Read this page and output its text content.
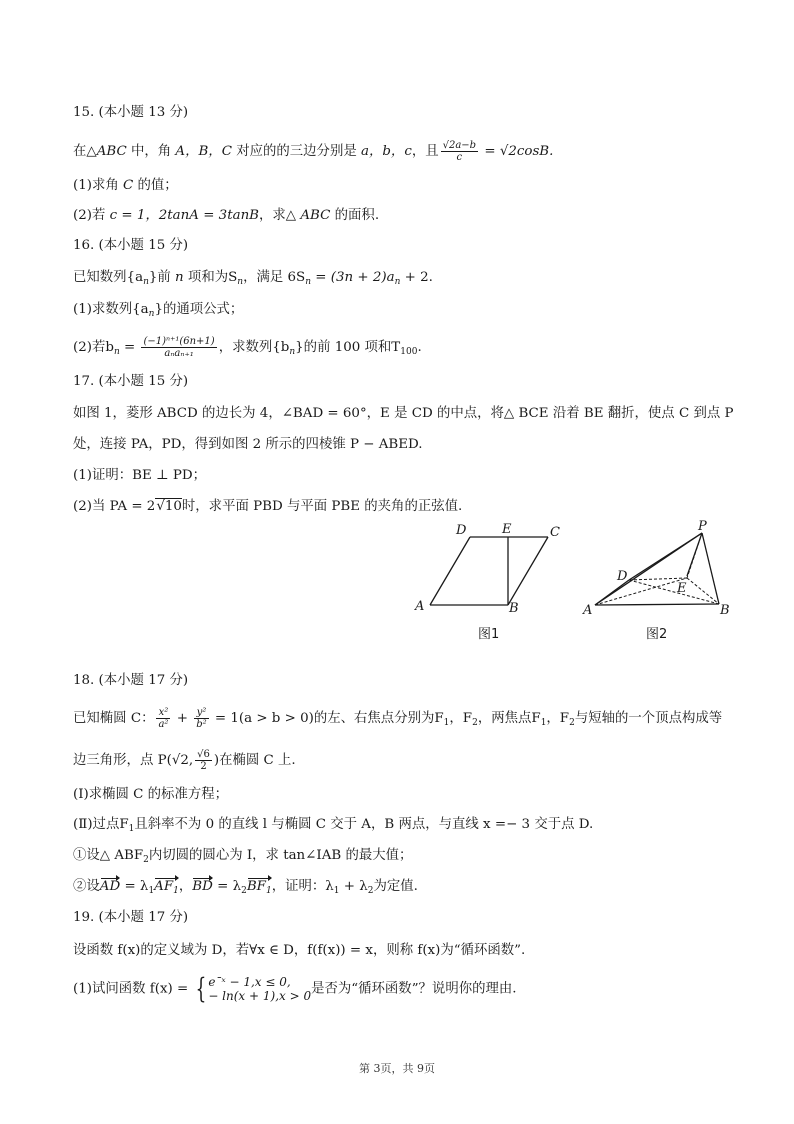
15. (本小题 13 分)
在△ABC 中，角 A，B，C 对应的的三边分别是 a，b，c，且 $\frac{√2a-b}{c} = √2\cos B$.
(1)求角 C 的值；
(2)若 c = 1，2tanA = 3tanB，求△ ABC 的面积.
16. (本小题 15 分)
已知数列$\{a_n\}$前 n 项和为$S_n$，满足 $6S_n = (3n + 2)a_n + 2$.
(1)求数列$\{a_n\}$的通项公式；
(2)若$b_n = \frac{\text{(−1)ⁿ⁺¹(6n+1)}}{\text{aₙaₙ₊₁}}$ ，求数列$\{b_n\}$的前 100 项和$T_{100}$.
17. (本小题 15 分)
如图 1，菱形 ABCD 的边长为 4，∠BAD = 60°，E 是 CD 的中点，将△ BCE 沿着 BE 翻折，使点 C 到点 P
处，连接 PA，PD，得到如图 2 所示的四棱锥 P − ABED.
(1)证明：BE ⊥ PD；
(2)当 PA = 2√10时，求平面 PBD 与平面 PBE 的夹角的正弦值.
D	E	C
A	B
图1
P
D
E
A	B
图2
18. (本小题 17 分)
已知椭圆 C： $\frac{\text{x²}}{\text{a²}} + \frac{\text{y²}}{\text{b²}} = 1(a > b > 0)$的左、右焦点分别为$F_1$，$F_2$，两焦点$F_1$，$F_2$与短轴的一个顶点构成等
边三角形，点 P(√2, $\frac{√6}{2}$ )在椭圆 C 上.
(Ⅰ)求椭圆 C 的标准方程；
(Ⅱ)过点$F_1$且斜率不为 0 的直线 l 与椭圆 C 交于 A，B 两点，与直线 x =− 3 交于点 D.
①设△ $ABF_2$内切圆的圆心为 I，求 tan∠IAB 的最大值；
②设AD = $\lambda_1AF_1$，BD = $\lambda_2BF_1$，证明：$\lambda_1 + \lambda_2$为定值.
19. (本小题 17 分)
设函数 f(x)的定义域为 D，若∀x ∈ D，f(f(x)) = x，则称 f(x)为“循环函数”.
(1)试问函数 f(x) = { eˉˣ − 1,x ≤ 0,
− ln(x + 1),x > 0 是否为“循环函数”？说明你的理由.
第 3页，共 9页
